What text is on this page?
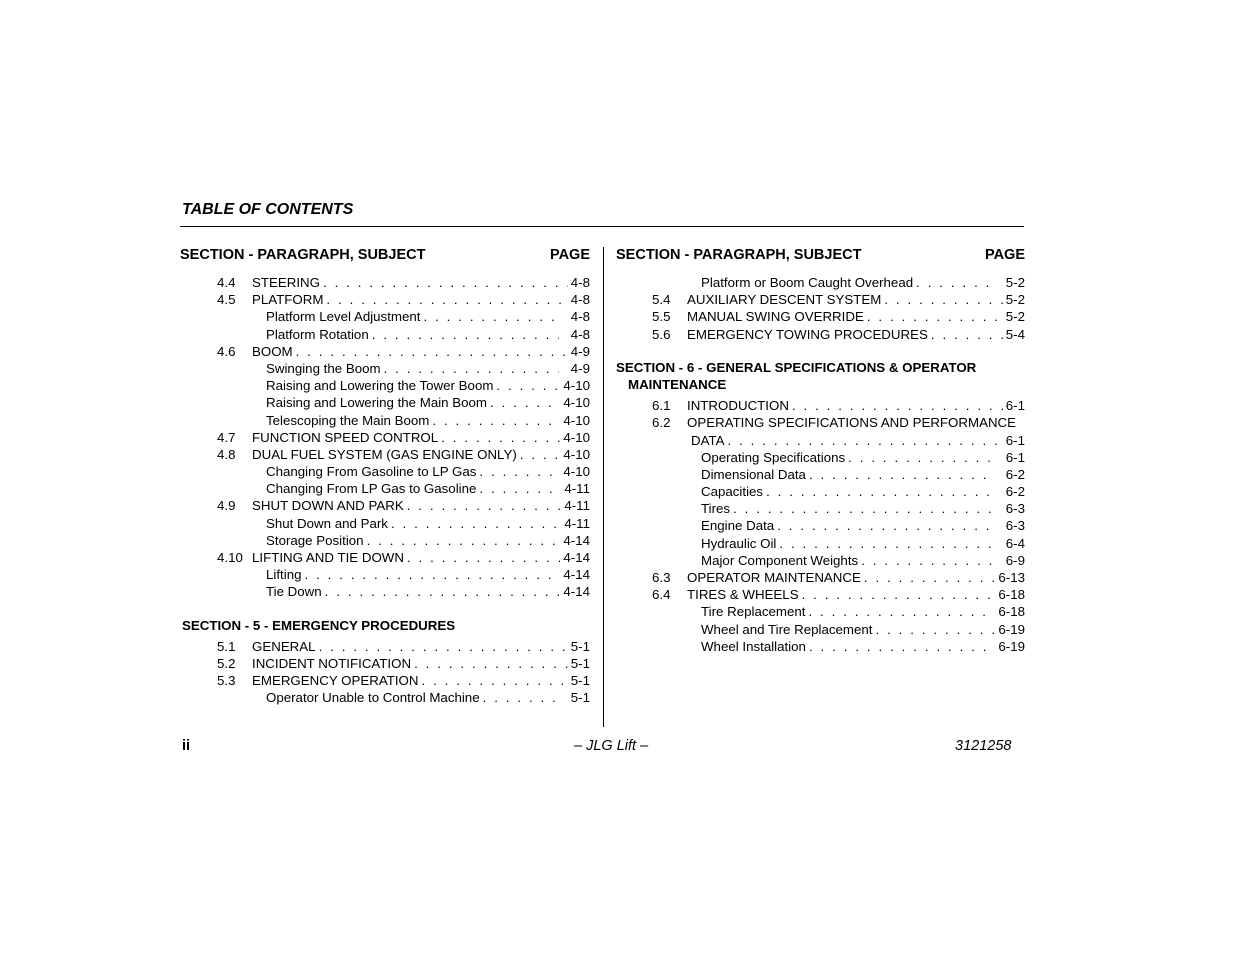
TABLE OF CONTENTS
SECTION - PARAGRAPH, SUBJECT	PAGE
4.4	STEERING . . .	4-8
4.5	PLATFORM . . .	4-8
Platform Level Adjustment . . .	4-8
Platform Rotation . . .	4-8
4.6	BOOM . . .	4-9
Swinging the Boom . . .	4-9
Raising and Lowering the Tower Boom . . .	4-10
Raising and Lowering the Main Boom . . .	4-10
Telescoping the Main Boom . . .	4-10
4.7	FUNCTION SPEED CONTROL . . .	4-10
4.8	DUAL FUEL SYSTEM (GAS ENGINE ONLY) . . .	4-10
Changing From Gasoline to LP Gas . . .	4-10
Changing From LP Gas to Gasoline . . .	4-11
4.9	SHUT DOWN AND PARK . . .	4-11
Shut Down and Park . . .	4-11
Storage Position . . .	4-14
4.10 LIFTING AND TIE DOWN . . .	4-14
Lifting . . .	4-14
Tie Down . . .	4-14
SECTION - 5 - EMERGENCY PROCEDURES
5.1	GENERAL . . .	5-1
5.2	INCIDENT NOTIFICATION . . .	5-1
5.3	EMERGENCY OPERATION . . .	5-1
Operator Unable to Control Machine . . .	5-1
SECTION - PARAGRAPH, SUBJECT	PAGE
Platform or Boom Caught Overhead . . .	5-2
5.4	AUXILIARY DESCENT SYSTEM . . .	5-2
5.5	MANUAL SWING OVERRIDE . . .	5-2
5.6	EMERGENCY TOWING PROCEDURES . . .	5-4
SECTION - 6 - GENERAL SPECIFICATIONS & OPERATOR
MAINTENANCE
6.1	INTRODUCTION . . .	6-1
6.2	OPERATING SPECIFICATIONS AND PERFORMANCE
DATA . . .	6-1
Operating Specifications . . .	6-1
Dimensional Data . . .	6-2
Capacities . . .	6-2
Tires . . .	6-3
Engine Data . . .	6-3
Hydraulic Oil . . .	6-4
Major Component Weights . . .	6-9
6.3	OPERATOR MAINTENANCE . . .	6-13
6.4	TIRES & WHEELS . . .	6-18
Tire Replacement . . .	6-18
Wheel and Tire Replacement . . .	6-19
Wheel Installation . . .	6-19
ii	– JLG Lift –	3121258
